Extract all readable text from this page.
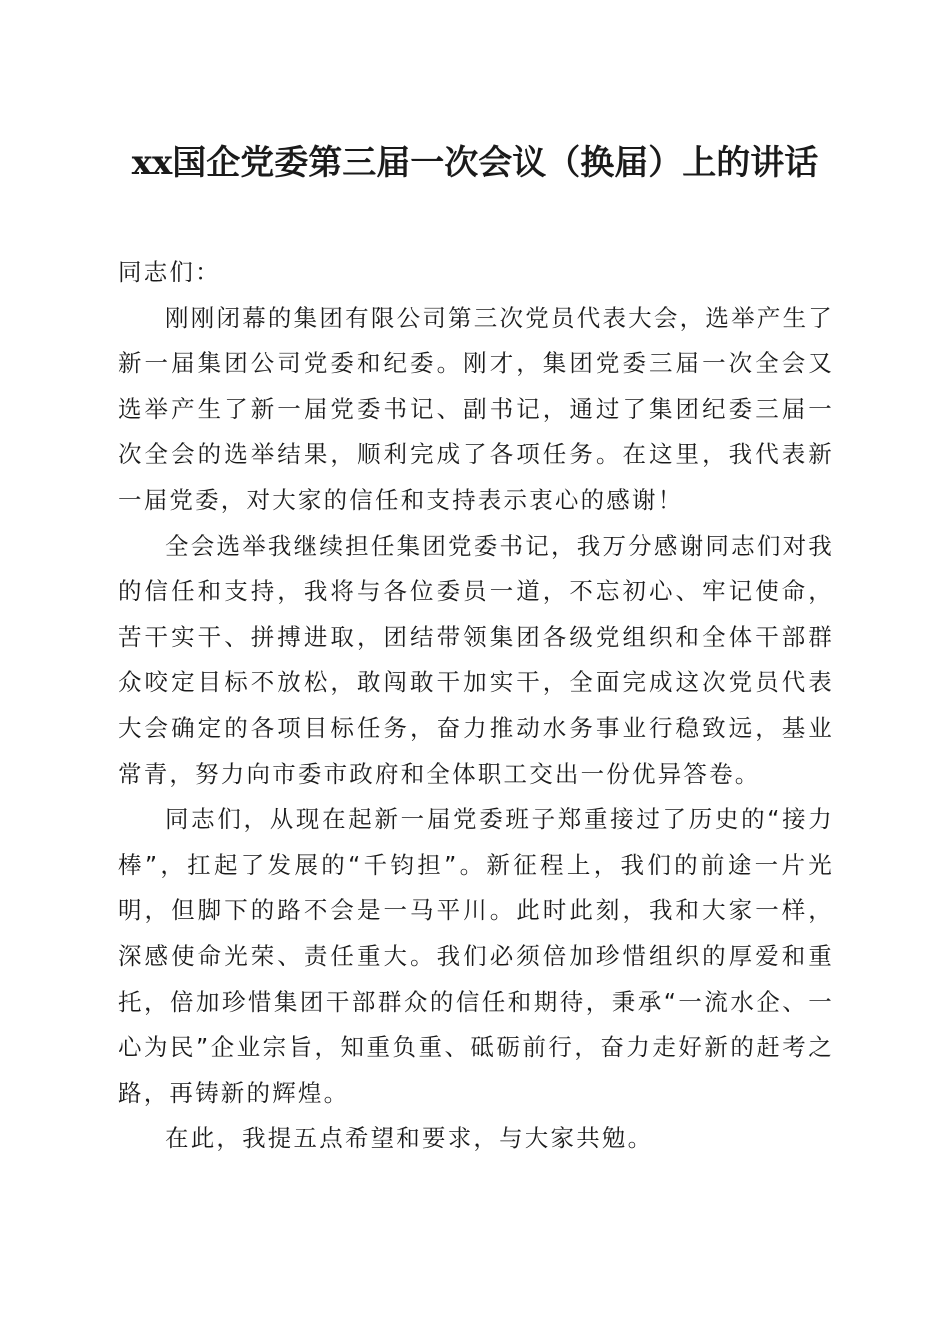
xx国企党委第三届一次会议（换届）上的讲话

同志们：

刚刚闭幕的集团有限公司第三次党员代表大会，选举产生了新一届集团公司党委和纪委。刚才，集团党委三届一次全会又选举产生了新一届党委书记、副书记，通过了集团纪委三届一次全会的选举结果，顺利完成了各项任务。在这里，我代表新一届党委，对大家的信任和支持表示衷心的感谢！

全会选举我继续担任集团党委书记，我万分感谢同志们对我的信任和支持，我将与各位委员一道，不忘初心、牢记使命，苦干实干、拼搏进取，团结带领集团各级党组织和全体干部群众咬定目标不放松，敢闯敢干加实干，全面完成这次党员代表大会确定的各项目标任务，奋力推动水务事业行稳致远，基业常青，努力向市委市政府和全体职工交出一份优异答卷。

同志们，从现在起新一届党委班子郑重接过了历史的“接力棒”，扛起了发展的“千钧担”。新征程上，我们的前途一片光明，但脚下的路不会是一马平川。此时此刻，我和大家一样，深感使命光荣、责任重大。我们必须倍加珍惜组织的厚爱和重托，倍加珍惜集团干部群众的信任和期待，秉承“一流水企、一心为民”企业宗旨，知重负重、砥砺前行，奋力走好新的赶考之路，再铸新的辉煌。

在此，我提五点希望和要求，与大家共勉。
